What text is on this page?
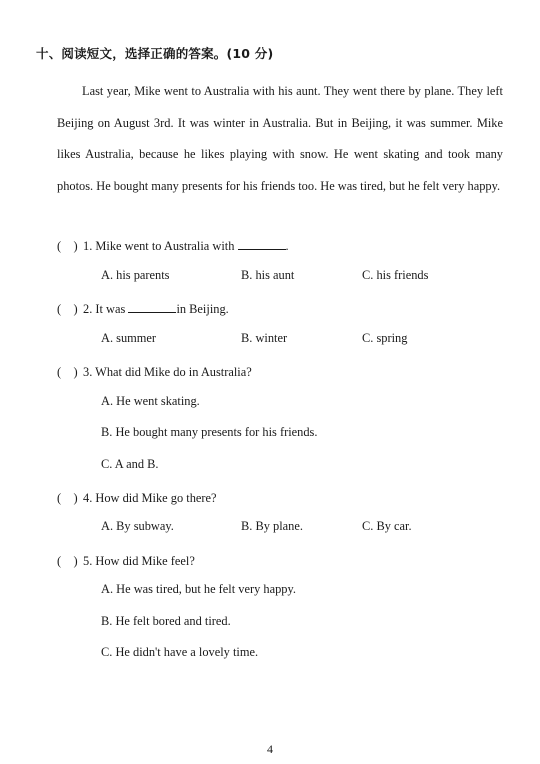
十、阅读短文，选择正确的答案。(10 分)

Last year, Mike went to Australia with his aunt. They went there by plane. They left Beijing on August 3rd. It was winter in Australia. But in Beijing, it was summer. Mike likes Australia, because he likes playing with snow. He went skating and took many photos. He bought many presents for his friends too. He was tired, but he felt very happy.

(　) 1. Mike went to Australia with	.
A. his parents	B. his aunt	C. his friends
(　) 2. It was	in Beijing.
A. summer	B. winter	C. spring
(　) 3. What did Mike do in Australia?
A. He went skating.
B. He bought many presents for his friends.
C. A and B.
(　) 4. How did Mike go there?
A. By subway.	B. By plane.	C. By car.
(　) 5. How did Mike feel?
A. He was tired, but he felt very happy.
B. He felt bored and tired.
C. He didn't have a lovely time.
4
